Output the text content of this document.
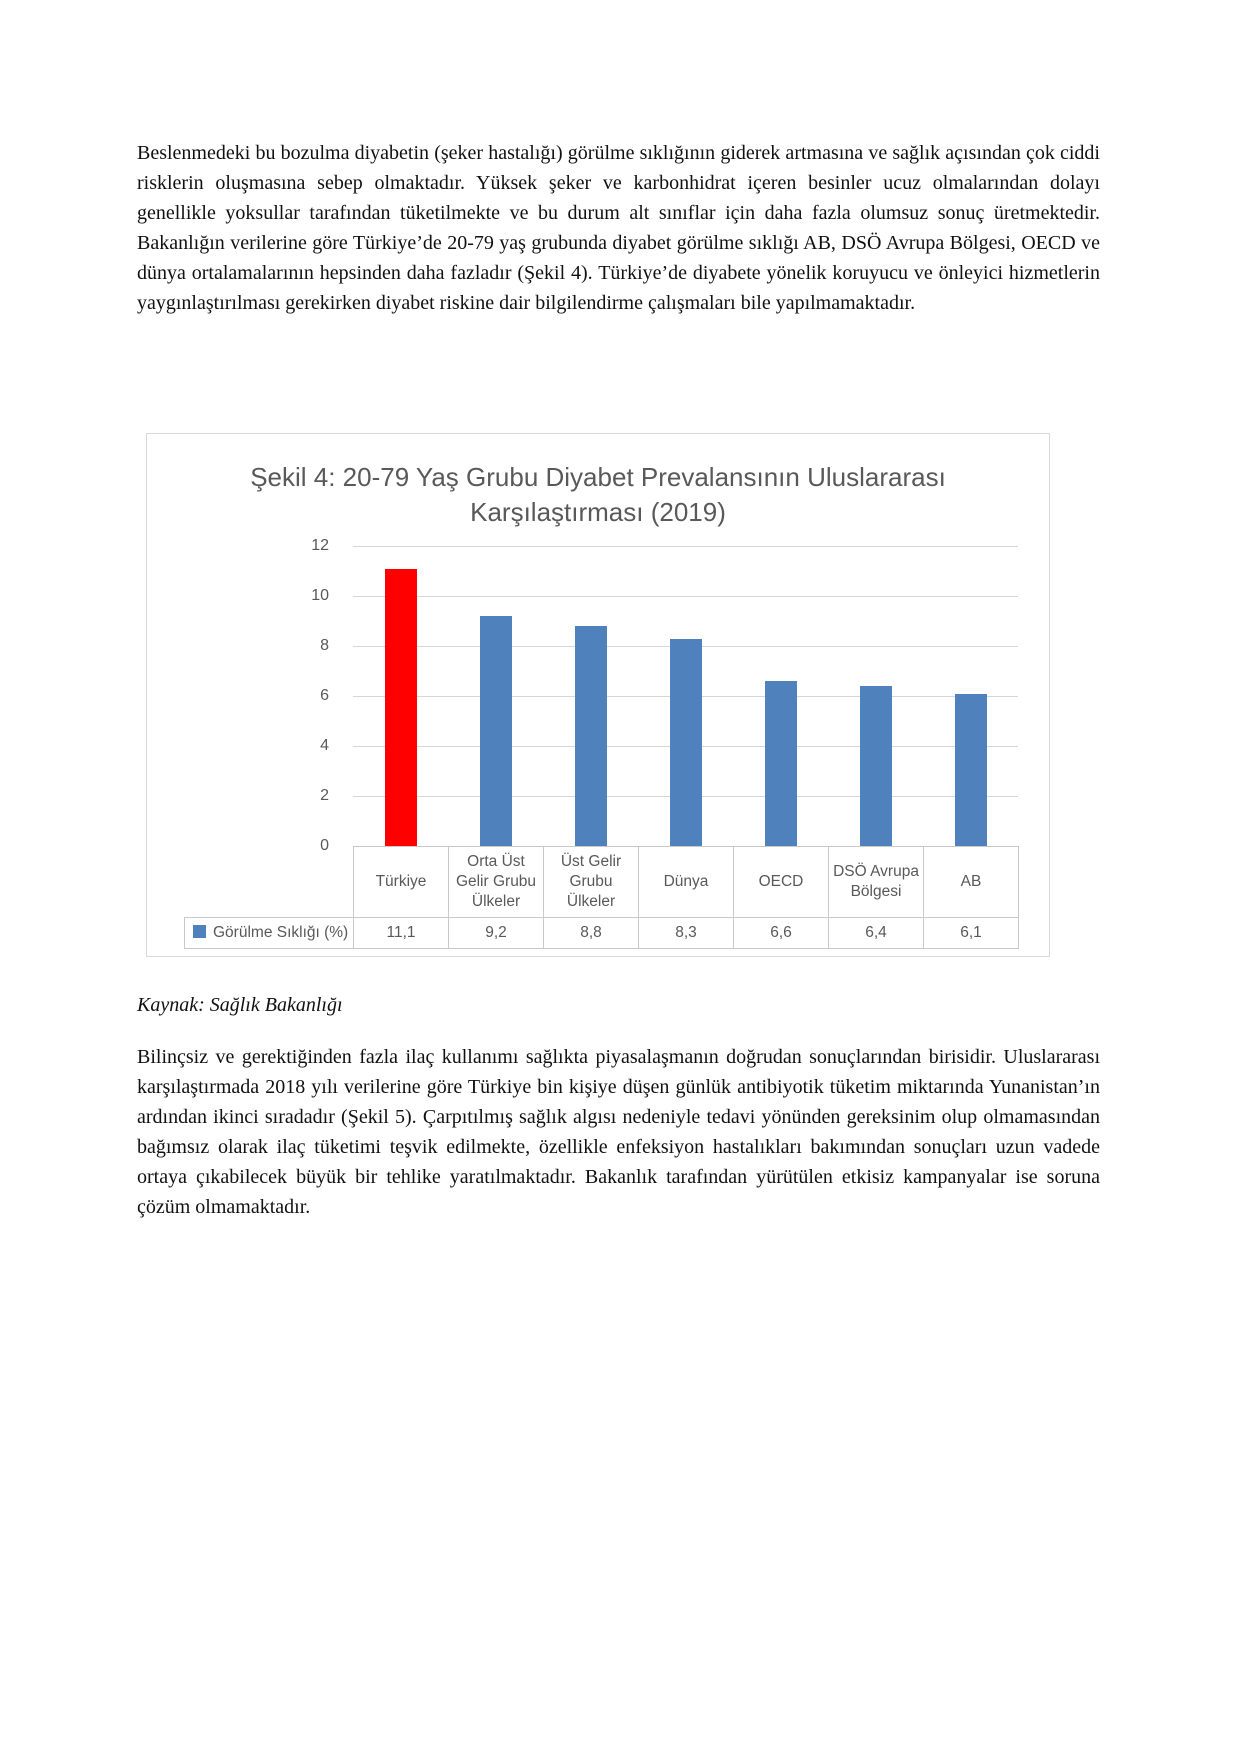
Beslenmedeki bu bozulma diyabetin (şeker hastalığı) görülme sıklığının giderek artmasına ve sağlık açısından çok ciddi risklerin oluşmasına sebep olmaktadır. Yüksek şeker ve karbonhidrat içeren besinler ucuz olmalarından dolayı genellikle yoksullar tarafından tüketilmekte ve bu durum alt sınıflar için daha fazla olumsuz sonuç üretmektedir. Bakanlığın verilerine göre Türkiye’de 20-79 yaş grubunda diyabet görülme sıklığı AB, DSÖ Avrupa Bölgesi, OECD ve dünya ortalamalarının hepsinden daha fazladır (Şekil 4). Türkiye’de diyabete yönelik koruyucu ve önleyici hizmetlerin yaygınlaştırılması gerekirken diyabet riskine dair bilgilendirme çalışmaları bile yapılmamaktadır.

Şekil 4: 20-79 Yaş Grubu Diyabet Prevalansının Uluslararası
Karşılaştırması (2019)
12
10
8
6
4
2
0
	Türkiye	Orta Üst Gelir Grubu Ülkeler	Üst Gelir Grubu Ülkeler	Dünya	OECD	DSÖ Avrupa Bölgesi	AB
Görülme Sıklığı (%)	11,1	9,2	8,8	8,3	6,6	6,4	6,1

Kaynak: Sağlık Bakanlığı

Bilinçsiz ve gerektiğinden fazla ilaç kullanımı sağlıkta piyasalaşmanın doğrudan sonuçlarından birisidir. Uluslararası karşılaştırmada 2018 yılı verilerine göre Türkiye bin kişiye düşen günlük antibiyotik tüketim miktarında Yunanistan’ın ardından ikinci sıradadır (Şekil 5). Çarpıtılmış sağlık algısı nedeniyle tedavi yönünden gereksinim olup olmamasından bağımsız olarak ilaç tüketimi teşvik edilmekte, özellikle enfeksiyon hastalıkları bakımından sonuçları uzun vadede ortaya çıkabilecek büyük bir tehlike yaratılmaktadır. Bakanlık tarafından yürütülen etkisiz kampanyalar ise soruna çözüm olmamaktadır.
